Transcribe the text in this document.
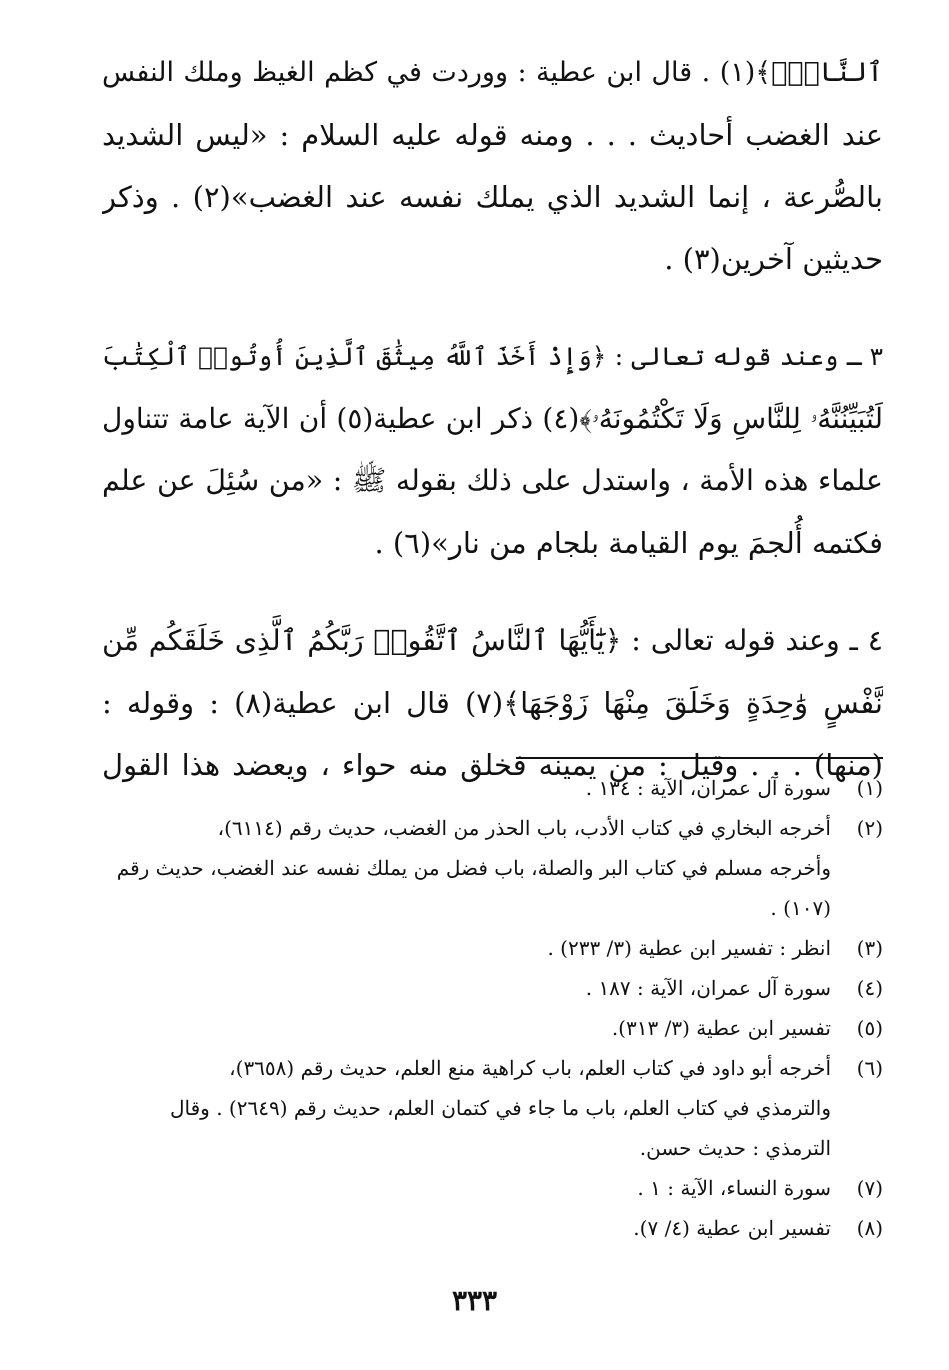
ٱلنَّاسِۗ﴾(١) . قال ابن عطية : ووردت في كظم الغيظ وملك النفس
عند الغضب أحاديث . . . ومنه قوله عليه السلام : «ليس الشديد
بالصُّرعة ، إنما الشديد الذي يملك نفسه عند الغضب»(٢) . وذكر
حديثين آخرين(٣) .
٣ ـ وعند قوله تعالى : ﴿وَإِذْ أَخَذَ ٱللَّهُ مِيثَٰقَ ٱلَّذِينَ أُوتُوا۟ ٱلْكِتَٰبَ
لَتُبَيِّنُنَّهُۥ لِلنَّاسِ وَلَا تَكْتُمُونَهُۥ﴾(٤) ذكر ابن عطية(٥) أن الآية عامة تتناول
علماء هذه الأمة ، واستدل على ذلك بقوله ﷺ : «من سُئِلَ عن علم
فكتمه أُلجمَ يوم القيامة بلجام من نار»(٦) .
٤ ـ وعند قوله تعالى : ﴿يَٰٓأَيُّهَا ٱلنَّاسُ ٱتَّقُوا۟ رَبَّكُمُ ٱلَّذِى خَلَقَكُم مِّن
نَّفْسٍ وَٰحِدَةٍ وَخَلَقَ مِنْهَا زَوْجَهَا﴾(٧) قال ابن عطية(٨) : وقوله :
(منها) . . . وقيل : من يمينه فخلق منه حواء ، ويعضد هذا القول
(١)
سورة آل عمران، الآية : ١٣٤ .
(٢)
أخرجه البخاري في كتاب الأدب، باب الحذر من الغضب، حديث رقم (٦١١٤)،
وأخرجه مسلم في كتاب البر والصلة، باب فضل من يملك نفسه عند الغضب، حديث رقم
(١٠٧) .
(٣)
انظر : تفسير ابن عطية (٣/ ٢٣٣) .
(٤)
سورة آل عمران، الآية : ١٨٧ .
(٥)
تفسير ابن عطية (٣/ ٣١٣).
(٦)
أخرجه أبو داود في كتاب العلم، باب كراهية منع العلم، حديث رقم (٣٦٥٨)،
والترمذي في كتاب العلم، باب ما جاء في كتمان العلم، حديث رقم (٢٦٤٩) . وقال
الترمذي : حديث حسن.
(٧)
سورة النساء، الآية : ١ .
(٨)
تفسير ابن عطية (٤/ ٧).
٣٣٣
